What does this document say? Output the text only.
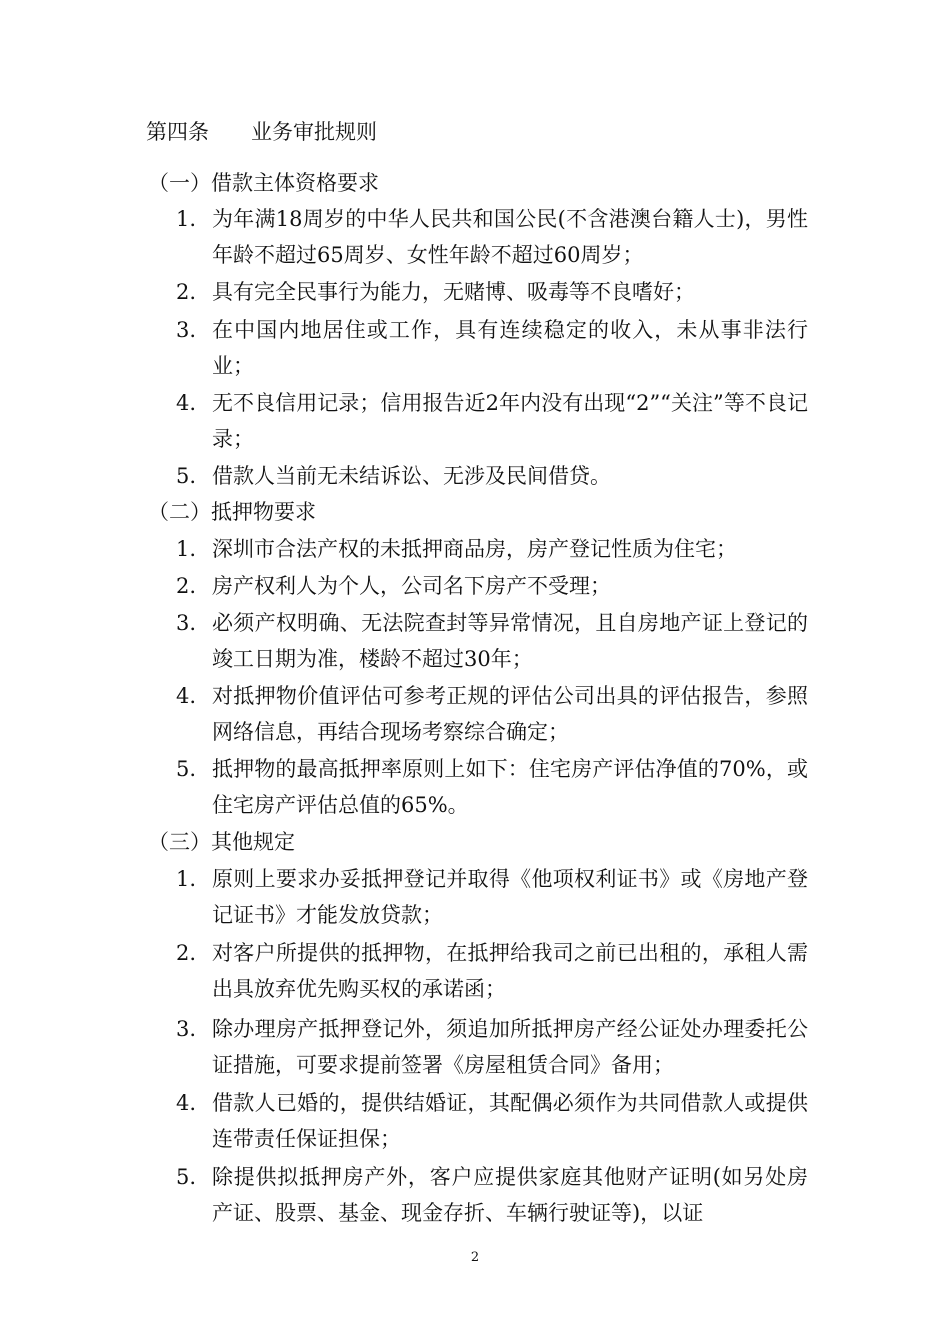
第四条 业务审批规则
（一）借款主体资格要求
1. 为年满18周岁的中华人民共和国公民(不含港澳台籍人士)，男性年龄不超过65周岁、女性年龄不超过60周岁；
2. 具有完全民事行为能力，无赌博、吸毒等不良嗜好；
3. 在中国内地居住或工作，具有连续稳定的收入，未从事非法行业；
4. 无不良信用记录；信用报告近2年内没有出现“2”“关注”等不良记录；
5. 借款人当前无未结诉讼、无涉及民间借贷。
（二）抵押物要求
1. 深圳市合法产权的未抵押商品房，房产登记性质为住宅；
2. 房产权利人为个人，公司名下房产不受理；
3. 必须产权明确、无法院查封等异常情况，且自房地产证上登记的竣工日期为准，楼龄不超过30年；
4. 对抵押物价值评估可参考正规的评估公司出具的评估报告，参照网络信息，再结合现场考察综合确定；
5. 抵押物的最高抵押率原则上如下：住宅房产评估净值的70%，或住宅房产评估总值的65%。
（三）其他规定
1. 原则上要求办妥抵押登记并取得《他项权利证书》或《房地产登记证书》才能发放贷款；
2. 对客户所提供的抵押物，在抵押给我司之前已出租的，承租人需出具放弃优先购买权的承诺函；
3. 除办理房产抵押登记外，须追加所抵押房产经公证处办理委托公证措施，可要求提前签署《房屋租赁合同》备用；
4. 借款人已婚的，提供结婚证，其配偶必须作为共同借款人或提供连带责任保证担保；
5. 除提供拟抵押房产外，客户应提供家庭其他财产证明(如另处房产证、股票、基金、现金存折、车辆行驶证等)，以证
2
